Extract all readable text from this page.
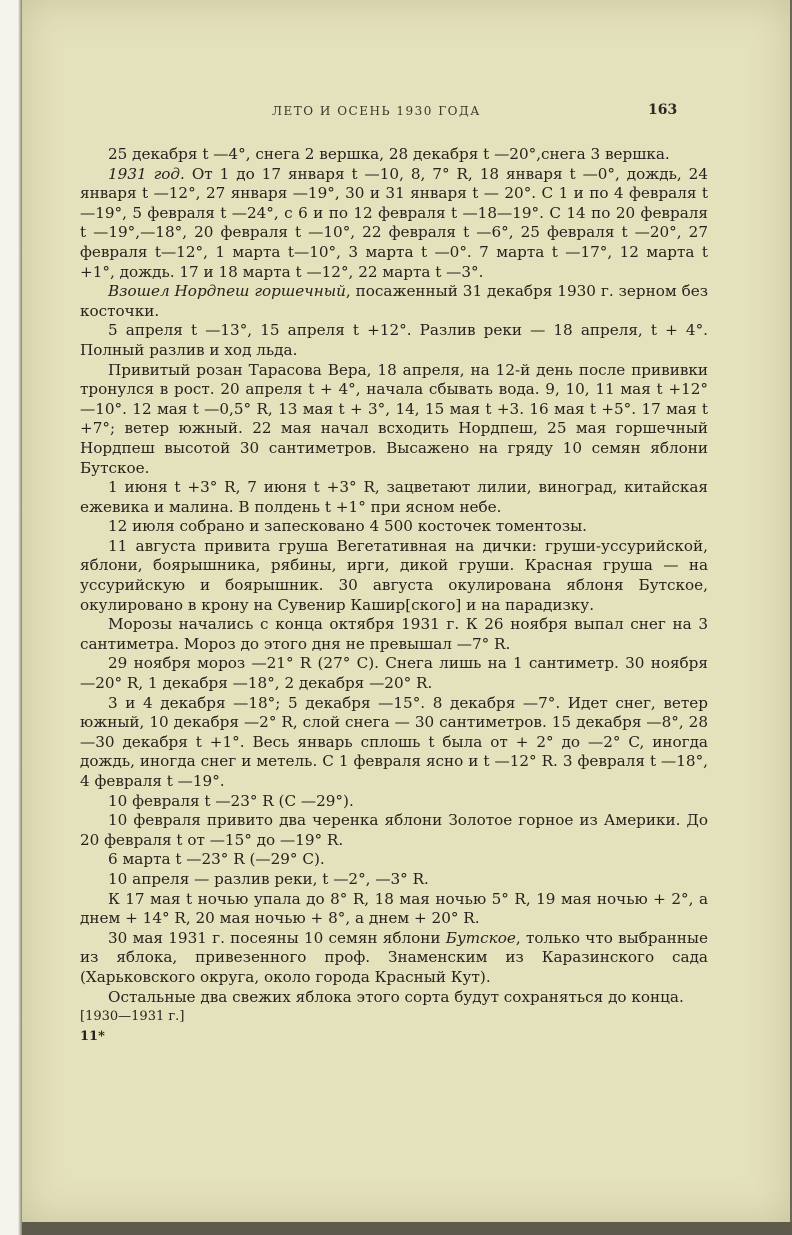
ЛЕТО И ОСЕНЬ 1930 ГОДА	163

25 декабря t —4°, снега 2 вершка, 28 декабря t —20°,снега 3 вершка.

1931 год. От 1 до 17 января t —10, 8, 7° R, 18 января t —0°, дождь, 24 января t —12°, 27 января —19°, 30 и 31 января t — 20°. С 1 и по 4 февраля t —19°, 5 февраля t —24°, с 6 и по 12 февраля t —18—19°. С 14 по 20 февраля t —19°,—18°, 20 февраля t —10°, 22 февраля t —6°, 25 февраля t —20°, 27 февраля t—12°, 1 марта t—10°, 3 марта t —0°. 7 марта t —17°, 12 марта t +1°, дождь. 17 и 18 марта t —12°, 22 марта t —3°.

Взошел Нордпеш горшечный, посаженный 31 декабря 1930 г. зерном без косточки.

5 апреля t —13°, 15 апреля t +12°. Разлив реки — 18 апреля, t + 4°. Полный разлив и ход льда.

Привитый розан Тарасова Вера, 18 апреля, на 12-й день после прививки тронулся в рост. 20 апреля t + 4°, начала сбывать вода. 9, 10, 11 мая t +12° —10°. 12 мая t —0,5° R, 13 мая t + 3°, 14, 15 мая t +3. 16 мая t +5°. 17 мая t +7°; ветер южный. 22 мая начал всходить Нордпеш, 25 мая горшечный Нордпеш высотой 30 сантиметров. Высажено на гряду 10 семян яблони Бутское.

1 июня t +3° R, 7 июня t +3° R, зацветают лилии, виноград, китайская ежевика и малина. В полдень t +1° при ясном небе.

12 июля собрано и запесковано 4 500 косточек томентозы.

11 августа привита груша Вегетативная на дички: груши-уссурийской, яблони, боярышника, рябины, ирги, дикой груши. Красная груша — на уссурийскую и боярышник. 30 августа окулирована яблоня Бутское, окулировано в крону на Сувенир Кашир[ского] и на парадизку.

Морозы начались с конца октября 1931 г. К 26 ноября выпал снег на 3 сантиметра. Мороз до этого дня не превышал —7° R.

29 ноября мороз —21° R (27° C). Снега лишь на 1 сантиметр. 30 ноября —20° R, 1 декабря —18°, 2 декабря —20° R.

3 и 4 декабря —18°; 5 декабря —15°. 8 декабря —7°. Идет снег, ветер южный, 10 декабря —2° R, слой снега — 30 сантиметров. 15 декабря —8°, 28—30 декабря t +1°. Весь январь сплошь t была от + 2° до —2° C, иногда дождь, иногда снег и метель. С 1 февраля ясно и t —12° R. 3 февраля t —18°, 4 февраля t —19°.

10 февраля t —23° R (C —29°).

10 февраля привито два черенка яблони Золотое горное из Америки. До 20 февраля t от —15° до —19° R.

6 марта t —23° R (—29° C).

10 апреля — разлив реки, t —2°, —3° R.

К 17 мая t ночью упала до 8° R, 18 мая ночью 5° R, 19 мая ночью + 2°, а днем + 14° R, 20 мая ночью + 8°, а днем + 20° R.

30 мая 1931 г. посеяны 10 семян яблони Бутское, только что выбранные из яблока, привезенного проф. Знаменским из Каразинского сада (Харьковского округа, около города Красный Кут).

Остальные два свежих яблока этого сорта будут сохраняться до конца.

[1930—1931 г.]

11*
